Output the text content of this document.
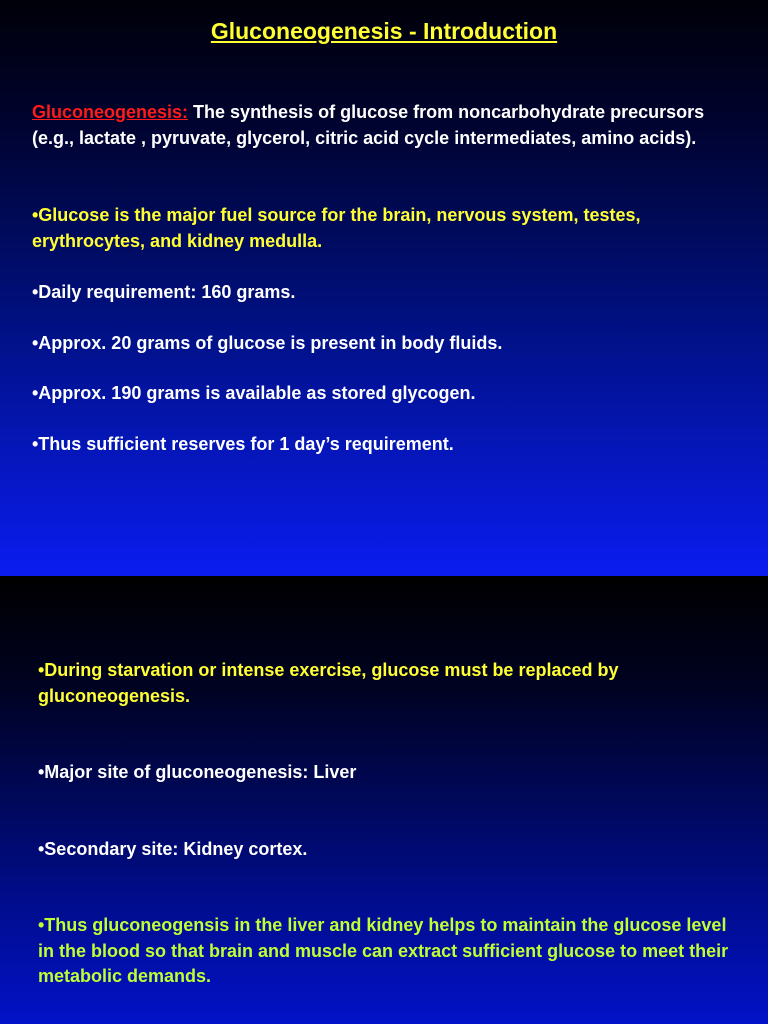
Gluconeogenesis - Introduction
Gluconeogenesis: The synthesis of glucose from noncarbohydrate precursors (e.g., lactate , pyruvate, glycerol, citric acid cycle intermediates, amino acids).
•Glucose is the major fuel source for the brain, nervous system, testes, erythrocytes, and kidney medulla.
•Daily requirement: 160 grams.
•Approx. 20 grams of glucose is present in body fluids.
•Approx. 190 grams is available as stored glycogen.
•Thus sufficient reserves for 1 day’s requirement.
•During starvation or intense exercise, glucose must be replaced by gluconeogenesis.
•Major site of gluconeogenesis: Liver
•Secondary site: Kidney cortex.
•Thus gluconeogensis in the liver and kidney helps to maintain the glucose level in the blood so that brain and muscle can extract sufficient glucose to meet their metabolic demands.
